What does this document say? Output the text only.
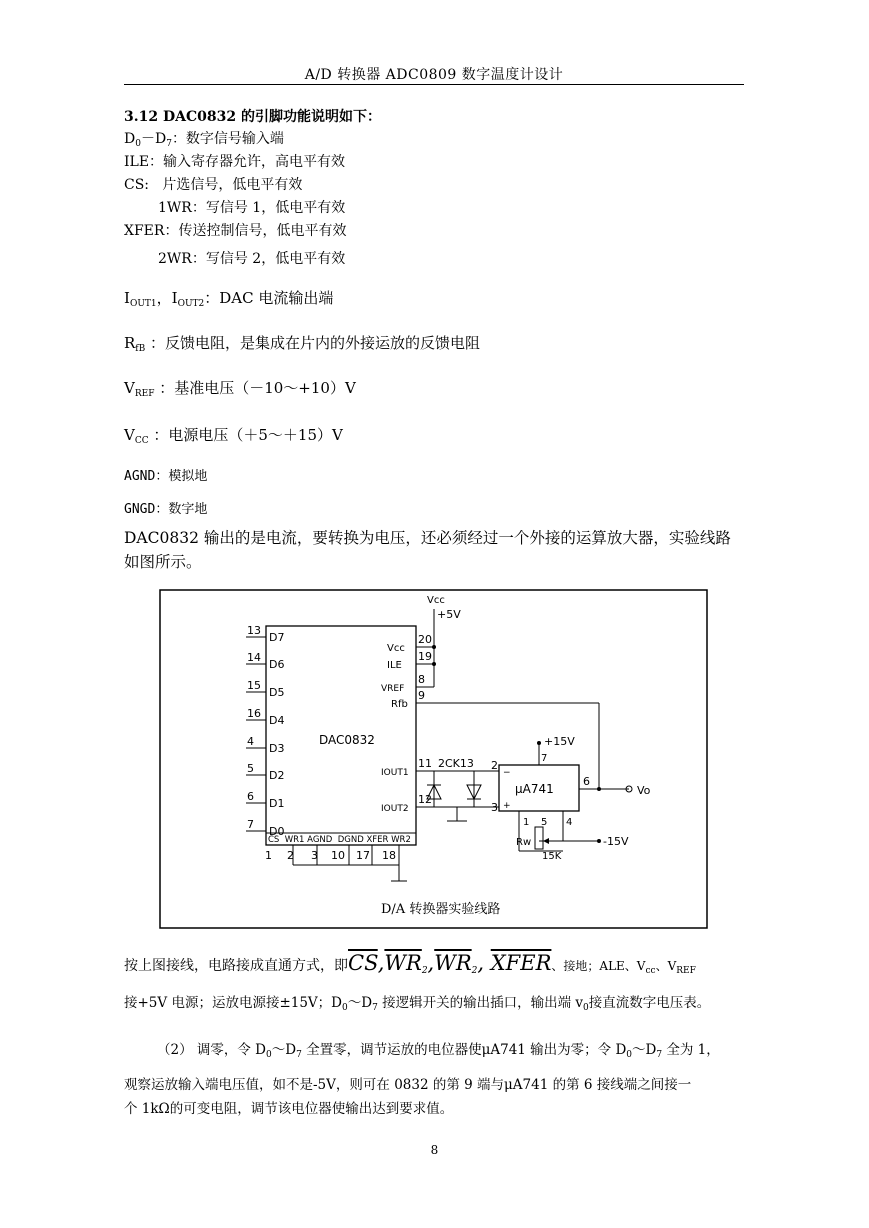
A/D 转换器 ADC0809 数字温度计设计
3.12 DAC0832 的引脚功能说明如下：
$D_0-D_7$：数字信号输入端
ILE：输入寄存器允许，高电平有效
CS:   片选信号，低电平有效
1WR：写信号 1，低电平有效
XFER：传送控制信号，低电平有效
2WR：写信号 2，低电平有效
$I_{OUT1}$，$I_{OUT2}$：DAC 电流输出端
$R_{fB}$ ：反馈电阻，是集成在片内的外接运放的反馈电阻
$V_{REF}$ ：基准电压（－10～+10）V
$V_{CC}$ ：电源电压（＋5～＋15）V
AGND：模拟地
GNGD：数字地
DAC0832 输出的是电流，要转换为电压，还必须经过一个外接的运算放大器，实验线路如图所示。
DAC0832
13
D7
14
D6
15
D5
16
D4
4
D3
5
D2
6
D1
7
D0
Vcc
20
ILE
19
VREF
8
Rfb
9
IOUT1
11
IOUT2
12
Vcc
+5V
2CK13
μA741
2
3
−
+
+15V
7
6
Vo
1 5 4
-15V
Rw
15K
CS  WR1 AGND  DGND XFER WR2
1 2 3 10 17 18
D/A 转换器实验线路
按上图接线，电路接成直通方式，即$\overline{CS},\overline{WR}_2,\overline{WR}_2$, XFER、接地；ALE、$V_{cc}$、$V_{REF}$
接+5V 电源；运放电源接±15V；$D_0\sim D_7$ 接逻辑开关的输出插口，输出端 $v_0$接直流数字电压表。
（2） 调零，令 $D_0\sim D_7$ 全置零，调节运放的电位器使μA741 输出为零；令 $D_0\sim D_7$ 全为 1，
观察运放输入端电压值，如不是-5V，则可在 0832 的第 9 端与μA741 的第 6 接线端之间接一
个 1kΩ的可变电阻，调节该电位器使输出达到要求值。
8
